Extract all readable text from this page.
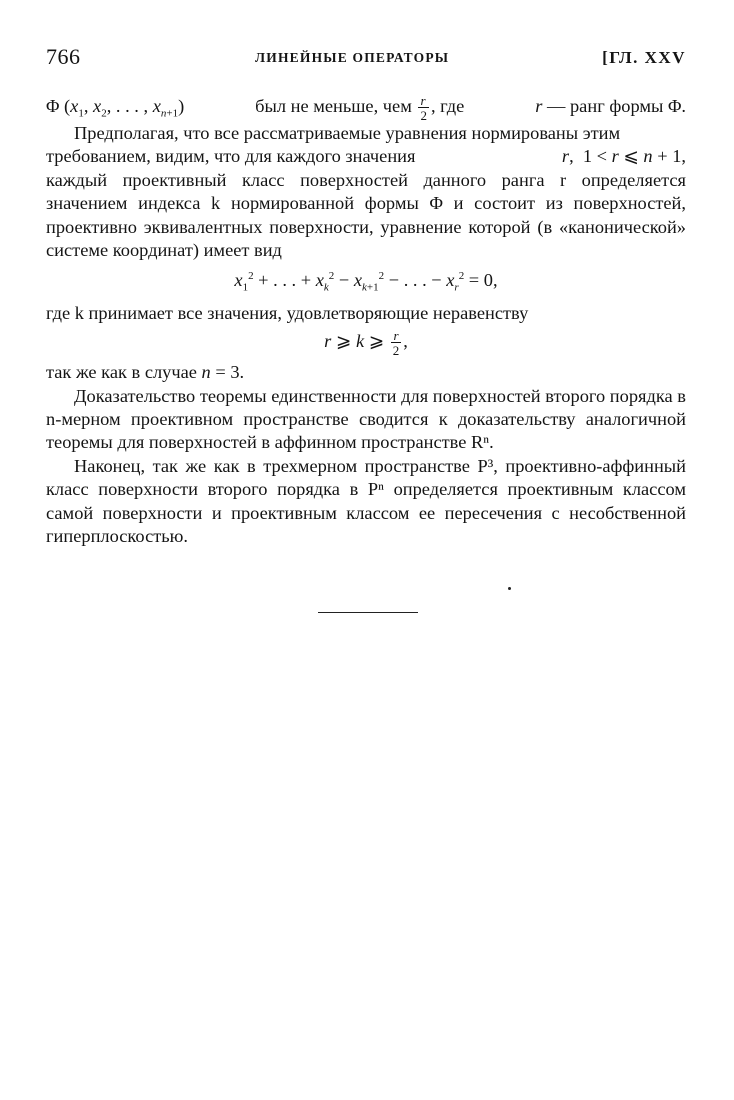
766	ЛИНЕЙНЫЕ ОПЕРАТОРЫ	[ГЛ. XXV

Φ ($x_1$, $x_2$, . . . , $x_{n+1}$)	был не меньше, чем $\frac{r}{2}$ , где	r — ранг формы Φ.

Предполагая, что все рассматриваемые уравнения нормированы этим

требованием, видим, что для каждого значения	r,  1 < r ⩽ n + 1,

каждый проективный класс поверхностей данного ранга r определяется значением индекса k нормированной формы Φ и состоит из поверхностей, проективно эквивалентных поверхности, уравнение которой (в «канонической» системе координат) имеет вид

$x_1^2$ + . . . + $x_k^2 - x_{k+1}^2$ − . . . − $x_r^2 = 0$,

где k принимает все значения, удовлетворяющие неравенству

r ⩾ k ⩾ $\frac{r}{2}$ ,

так же как в случае n = 3.

Доказательство теоремы единственности для поверхностей второго порядка в n-мерном проективном пространстве сводится к доказательству аналогичной теоремы для поверхностей в аффинном пространстве Rⁿ.

Наконец, так же как в трехмерном пространстве P³, проективно-аффинный класс поверхности второго порядка в Pⁿ определяется проективным классом самой поверхности и проективным классом ее пересечения с несобственной гиперплоскостью.
